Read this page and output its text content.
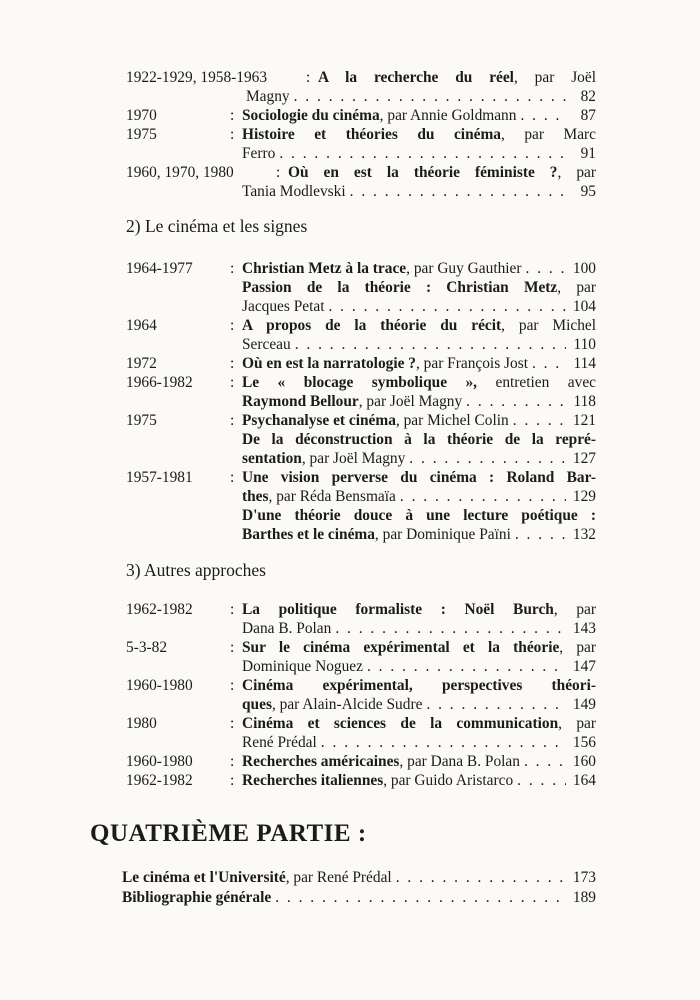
1922-1929, 1958-1963	: A la recherche du réel, par Joël
Magny . . .	82
1970	: Sociologie du cinéma, par Annie Goldmann . . .	87
1975	: Histoire et théories du cinéma, par Marc
Ferro . . .	91
1960, 1970, 1980	: Où en est la théorie féministe ?, par
Tania Modlevski . . .	95
2) Le cinéma et les signes
1964-1977	: Christian Metz à la trace, par Guy Gauthier . . .	100
Passion de la théorie : Christian Metz, par
Jacques Petat . . .	104
1964	: A propos de la théorie du récit, par Michel
Serceau . . .	110
1972	: Où en est la narratologie ?, par François Jost . . .	114
1966-1982	: Le « blocage symbolique », entretien avec
Raymond Bellour, par Joël Magny . . .	118
1975	: Psychanalyse et cinéma, par Michel Colin . . .	121
De la déconstruction à la théorie de la repré-
sentation, par Joël Magny . . .	127
1957-1981	: Une vision perverse du cinéma : Roland Bar-
thes, par Réda Bensmaïa . . .	129
D'une théorie douce à une lecture poétique :
Barthes et le cinéma, par Dominique Païni . . .	132
3) Autres approches
1962-1982	: La politique formaliste : Noël Burch, par
Dana B. Polan . . .	143
5-3-82	: Sur le cinéma expérimental et la théorie, par
Dominique Noguez . . .	147
1960-1980	: Cinéma expérimental, perspectives théori-
ques, par Alain-Alcide Sudre . . .	149
1980	: Cinéma et sciences de la communication, par
René Prédal . . .	156
1960-1980	: Recherches américaines, par Dana B. Polan . . .	160
1962-1982	: Recherches italiennes, par Guido Aristarco . . .	164
QUATRIÈME PARTIE :
Le cinéma et l'Université, par René Prédal . . .	173
Bibliographie générale . . .	189
